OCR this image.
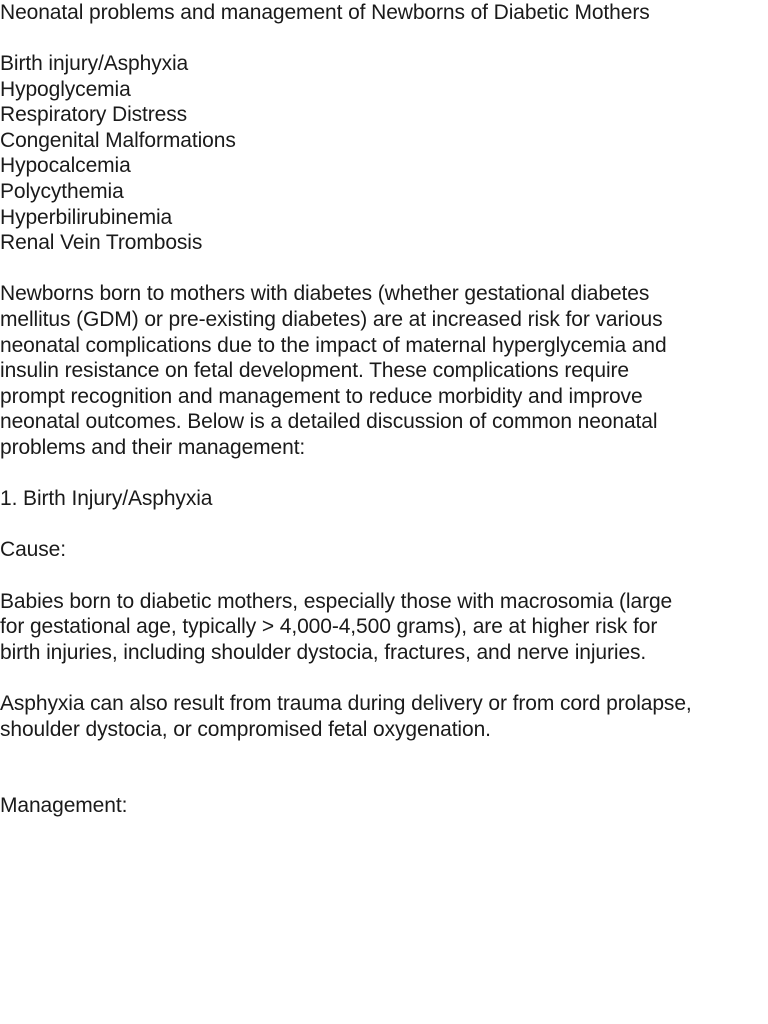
Neonatal problems and management of Newborns of Diabetic Mothers

Birth injury/Asphyxia

Hypoglycemia

Respiratory Distress

Congenital Malformations

Hypocalcemia

Polycythemia

Hyperbilirubinemia

Renal Vein Trombosis

Newborns born to mothers with diabetes (whether gestational diabetes

mellitus (GDM) or pre-existing diabetes) are at increased risk for various

neonatal complications due to the impact of maternal hyperglycemia and

insulin resistance on fetal development. These complications require

prompt recognition and management to reduce morbidity and improve

neonatal outcomes. Below is a detailed discussion of common neonatal

problems and their management:

1. Birth Injury/Asphyxia

Cause:

Babies born to diabetic mothers, especially those with macrosomia (large

for gestational age, typically > 4,000-4,500 grams), are at higher risk for

birth injuries, including shoulder dystocia, fractures, and nerve injuries.

Asphyxia can also result from trauma during delivery or from cord prolapse,

shoulder dystocia, or compromised fetal oxygenation.

Management:
